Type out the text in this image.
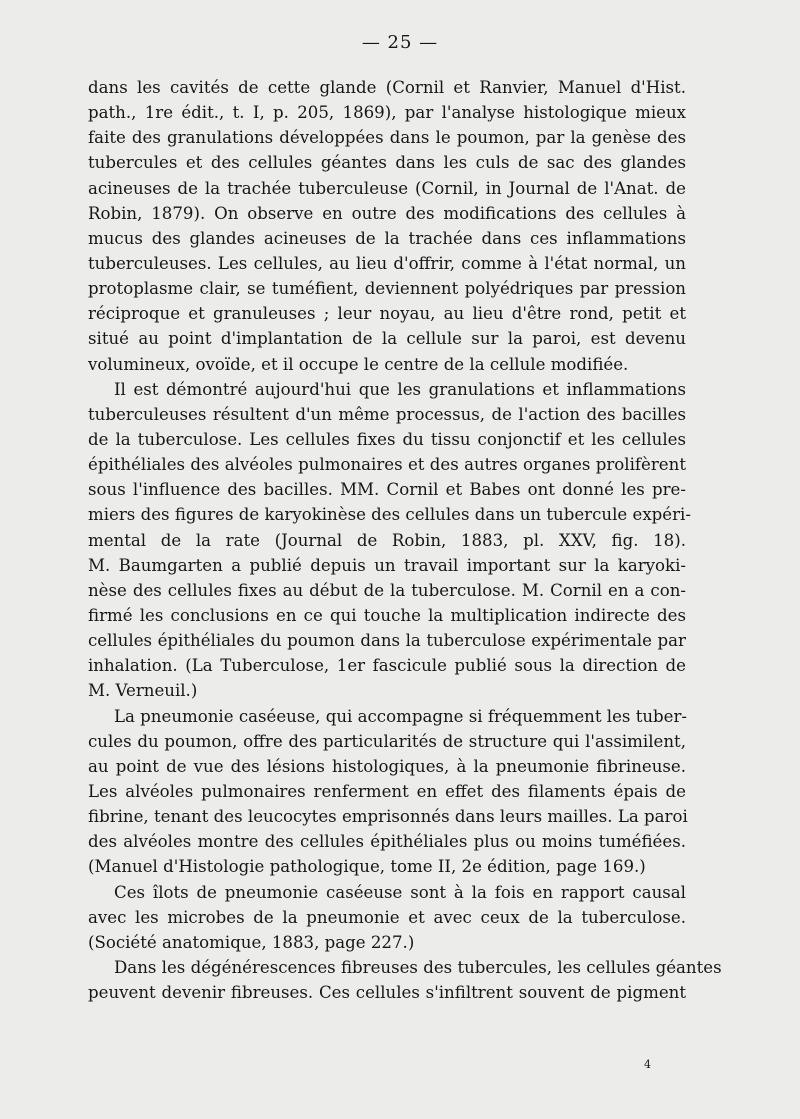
— 25 —
dans les cavités de cette glande (Cornil et Ranvier, Manuel d'Hist.
path., 1re édit., t. I, p. 205, 1869), par l'analyse histologique mieux
faite des granulations développées dans le poumon, par la genèse des
tubercules et des cellules géantes dans les culs de sac des glandes
acineuses de la trachée tuberculeuse (Cornil, in Journal de l'Anat. de
Robin, 1879). On observe en outre des modifications des cellules à
mucus des glandes acineuses de la trachée dans ces inflammations
tuberculeuses. Les cellules, au lieu d'offrir, comme à l'état normal, un
protoplasme clair, se tuméfient, deviennent polyédriques par pression
réciproque et granuleuses ; leur noyau, au lieu d'être rond, petit et
situé au point d'implantation de la cellule sur la paroi, est devenu
volumineux, ovoïde, et il occupe le centre de la cellule modifiée.
Il est démontré aujourd'hui que les granulations et inflammations
tuberculeuses résultent d'un même processus, de l'action des bacilles
de la tuberculose. Les cellules fixes du tissu conjonctif et les cellules
épithéliales des alvéoles pulmonaires et des autres organes prolifèrent
sous l'influence des bacilles. MM. Cornil et Babes ont donné les pre-
miers des figures de karyokinèse des cellules dans un tubercule expéri-
mental de la rate (Journal de Robin, 1883, pl. XXV, fig. 18).
M. Baumgarten a publié depuis un travail important sur la karyoki-
nèse des cellules fixes au début de la tuberculose. M. Cornil en a con-
firmé les conclusions en ce qui touche la multiplication indirecte des
cellules épithéliales du poumon dans la tuberculose expérimentale par
inhalation. (La Tuberculose, 1er fascicule publié sous la direction de
M. Verneuil.)
La pneumonie caséeuse, qui accompagne si fréquemment les tuber-
cules du poumon, offre des particularités de structure qui l'assimilent,
au point de vue des lésions histologiques, à la pneumonie fibrineuse.
Les alvéoles pulmonaires renferment en effet des filaments épais de
fibrine, tenant des leucocytes emprisonnés dans leurs mailles. La paroi
des alvéoles montre des cellules épithéliales plus ou moins tuméfiées.
(Manuel d'Histologie pathologique, tome II, 2e édition, page 169.)
Ces îlots de pneumonie caséeuse sont à la fois en rapport causal
avec les microbes de la pneumonie et avec ceux de la tuberculose.
(Société anatomique, 1883, page 227.)
Dans les dégénérescences fibreuses des tubercules, les cellules géantes
peuvent devenir fibreuses. Ces cellules s'infiltrent souvent de pigment
4
